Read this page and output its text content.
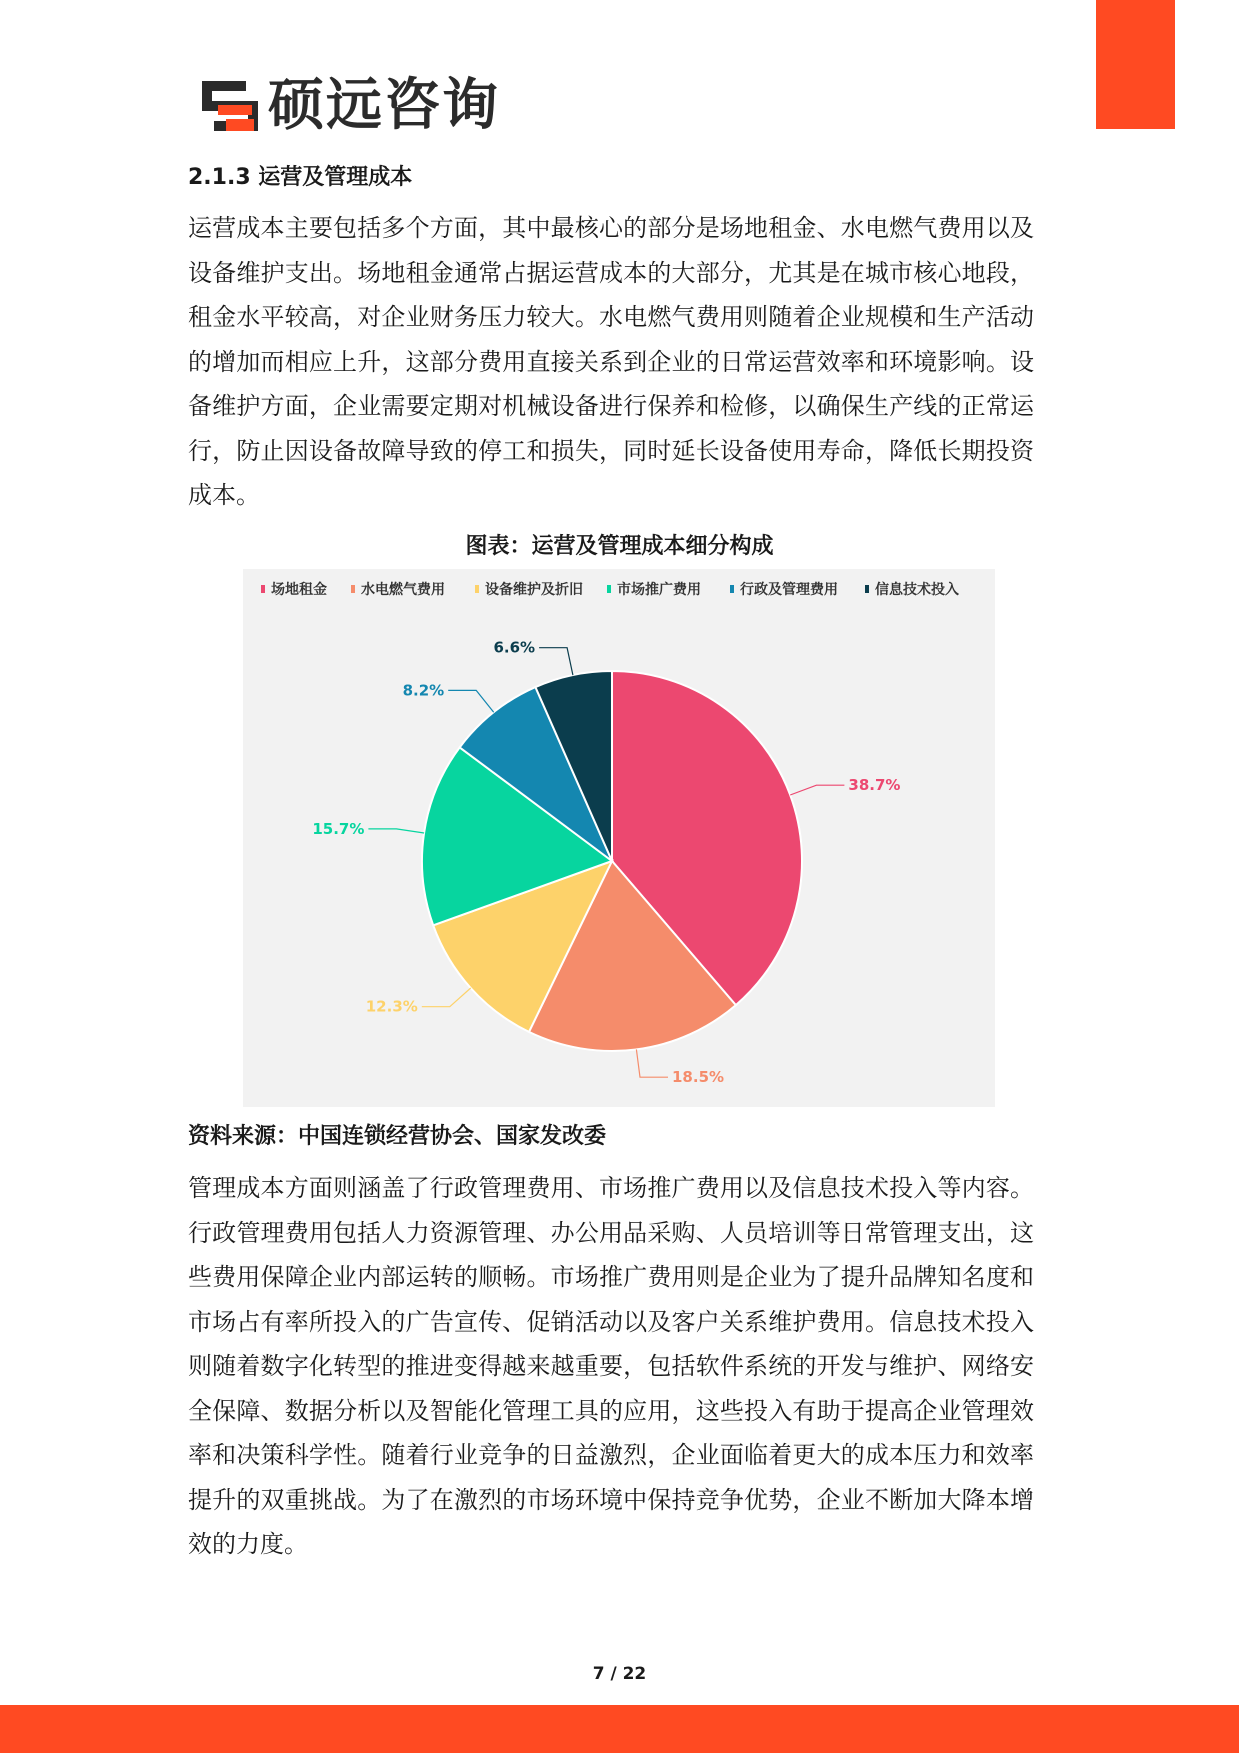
硕远咨询
2.1.3 运营及管理成本

运营成本主要包括多个方面，其中最核心的部分是场地租金、水电燃气费用以及设备维护支出。场地租金通常占据运营成本的大部分，尤其是在城市核心地段，租金水平较高，对企业财务压力较大。水电燃气费用则随着企业规模和生产活动的增加而相应上升，这部分费用直接关系到企业的日常运营效率和环境影响。设备维护方面，企业需要定期对机械设备进行保养和检修，以确保生产线的正常运行，防止因设备故障导致的停工和损失，同时延长设备使用寿命，降低长期投资成本。

图表：运营及管理成本细分构成
场地租金 水电燃气费用	设备维护及折旧 市场推广费用	行政及管理费用	信息技术投入
38.7%
18.5%
12.3%
15.7%
8.2%
6.6%
资料来源：中国连锁经营协会、国家发改委

管理成本方面则涵盖了行政管理费用、市场推广费用以及信息技术投入等内容。行政管理费用包括人力资源管理、办公用品采购、人员培训等日常管理支出，这些费用保障企业内部运转的顺畅。市场推广费用则是企业为了提升品牌知名度和市场占有率所投入的广告宣传、促销活动以及客户关系维护费用。信息技术投入则随着数字化转型的推进变得越来越重要，包括软件系统的开发与维护、网络安全保障、数据分析以及智能化管理工具的应用，这些投入有助于提高企业管理效率和决策科学性。随着行业竞争的日益激烈，企业面临着更大的成本压力和效率提升的双重挑战。为了在激烈的市场环境中保持竞争优势，企业不断加大降本增效的力度。

7 / 22
